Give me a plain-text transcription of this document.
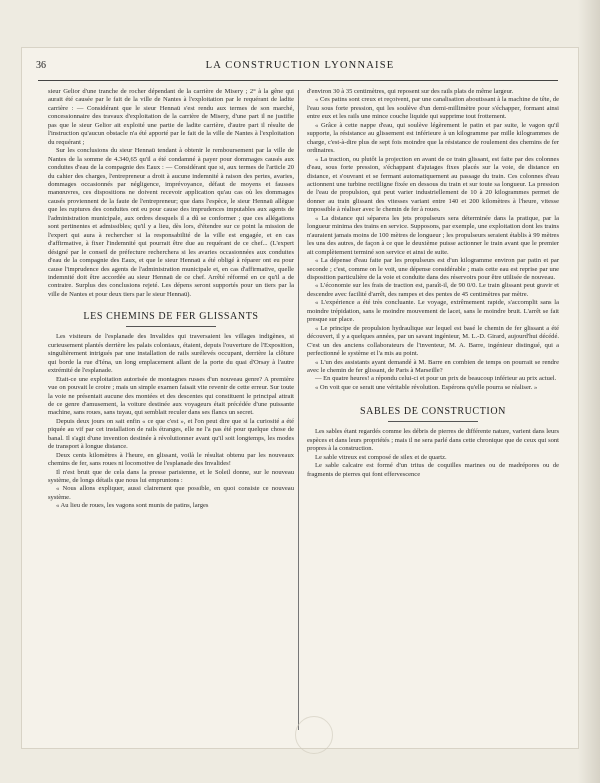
36	LA CONSTRUCTION LYONNAISE

sieur Gelior d'une tranche de rocher dépendant de la carrière de Misery ; 2° à la gêne qui aurait été causée par le fait de la ville de Nantes à l'exploitation par le requérant de ladite carrière : — Considérant que le sieur Hennaü s'est rendu aux termes de son marché, concessionnaire des travaux d'exploitation de la carrière de Misery, d'une part il ne justifie pas que le sieur Gelior ait exploité une partie de ladite carrière, d'autre part il résulte de l'instruction qu'aucun obstacle n'a été apporté par le fait de la ville de Nantes à l'exploitation du requérant ;

Sur les conclusions du sieur Hennaü tendant à obtenir le remboursement par la ville de Nantes de la somme de 4.340,65 qu'il a été condamné à payer pour dommages causés aux conduites d'eau de la compagnie des Eaux : — Considérant que si, aux termes de l'article 20 du cahier des charges, l'entrepreneur a droit à aucune indemnité à raison des pertes, avaries, dommages occasionnés par négligence, imprévoyance, défaut de moyens et fausses manœuvres, ces dispositions ne doivent recevoir application qu'au cas où les dommages causés proviennent de la faute de l'entrepreneur; que dans l'espèce, le sieur Hennaü allègue que les ruptures des conduites ont eu pour cause des imprudences imputables aux agents de l'administration municipale, aux ordres desquels il a dû se conformer ; que ces allégations sont pertinentes et admissibles; qu'il y a lieu, dès lors, d'étendre sur ce point la mission de l'expert qui aura à rechercher si la responsabilité de la ville est engagée, et en cas d'affirmative, à fixer l'indemnité qui pourrait être due au requérant de ce chef... (L'expert désigné par le conseil de préfecture recherchera si les avaries occasionnées aux conduites d'eau de la compagnie des Eaux, et que le sieur Hennaü a été obligé à réparer ont eu pour cause l'imprudence des agents de l'administration municipale et, en cas d'affirmative, quelle indemnité doit être accordée au sieur Hennaü de ce chef. Arrêté réformé en ce qu'il a de contraire. Surplus des conclusions rejeté. Les dépens seront supportés pour un tiers par la ville de Nantes et pour deux tiers par le sieur Hennaü).

LES CHEMINS DE FER GLISSANTS

Les visiteurs de l'esplanade des Invalides qui traversaient les villages indigènes, si curieusement plantés derrière les palais coloniaux, étaient, depuis l'ouverture de l'Exposition, singulièrement intrigués par une installation de rails surélevés occupant, derrière la clôture qui borde la rue d'Iéna, un long emplacement allant de la porte du quai d'Orsay à l'autre extrémité de l'esplanade.

Etait-ce une exploitation autorisée de montagnes russes d'un nouveau genre? A première vue on pouvait le croire ; mais un simple examen faisait vite revenir de cette erreur. Sur toute la voie ne présentait aucune des montées et des descentes qui constituent le principal attrait de ce genre d'amusement, la voiture destinée aux voyageurs était précédée d'une puissante machine, sans roues, sans tuyau, qui semblait reculer dans ses flancs un secret.

Depuis deux jours on sait enfin « ce que c'est », et l'on peut dire que si la curiosité a été piquée au vif par cet installation de rails étranges, elle ne l'a pas été pour quelque chose de banal. Il s'agit d'une invention destinée à révolutionner avant qu'il soit longtemps, les modes de transport à longue distance.

Deux cents kilomètres à l'heure, en glissant, voilà le résultat obtenu par les nouveaux chemins de fer, sans roues ni locomotive de l'esplanade des Invalides!

Il n'est bruit que de cela dans la presse parisienne, et le Soleil donne, sur le nouveau système, de longs détails que nous lui empruntons :

« Nous allons expliquer, aussi clairement que possible, en quoi consiste ce nouveau système.

« Au lieu de roues, les vagons sont munis de patins, larges

d'environ 30 à 35 centimètres, qui reposent sur des rails plats de même largeur.

« Ces patins sont creux et reçoivent, par une canalisation aboutissant à la machine de tête, de l'eau sous forte pression, qui les soulève d'un demi-millimètre pour s'échapper, formant ainsi entre eux et les rails une mince couche liquide qui supprime tout frottement.

« Grâce à cette nappe d'eau, qui soulève légèrement le patin et par suite, le vagon qu'il supporte, la résistance au glissement est inférieure à un kilogramme par mille kilogrammes de charge, c'est-à-dire plus de sept fois moindre que la résistance de roulement des chemins de fer ordinaires.

« La traction, ou plutôt la projection en avant de ce train glissant, est faite par des colonnes d'eau, sous forte pression, s'échappant d'ajutages fixes placés sur la voie, de distance en distance, et s'ouvrant et se fermant automatiquement au passage du train. Ces colonnes d'eau actionnent une turbine rectiligne fixée en dessous du train et sur toute sa longueur. La pression de l'eau de propulsion, qui peut varier industriellement de 10 à 20 kilogrammes permet de donner au train glissant des vitesses variant entre 140 et 200 kilomètres à l'heure, vitesse impossible à réaliser avec le chemin de fer à roues.

« La distance qui séparera les jets propulseurs sera déterminée dans la pratique, par la longueur minima des trains en service. Supposons, par exemple, une exploitation dont les trains n'auraient jamais moins de 100 mètres de longueur ; les propulseurs seraient établis à 99 mètres les uns des autres, de façon à ce que le deuxième puisse actionner le train avant que le premier ait complètement terminé son service et ainsi de suite.

« La dépense d'eau faite par les propulseurs est d'un kilogramme environ par patin et par seconde ; c'est, comme on le voit, une dépense considérable ; mais cette eau est reprise par une disposition particulière de la voie et conduite dans des réservoirs pour être utilisée de nouveau.

« L'économie sur les frais de traction est, paraît-il, de 90 0/0. Le train glissant peut gravir et descendre avec facilité d'arrêt, des rampes et des pentes de 45 centimètres par mètre.

« L'expérience a été très concluante. Le voyage, extrêmement rapide, s'accomplit sans la moindre trépidation, sans le moindre mouvement de lacet, sans le moindre bruit. L'arrêt se fait presque sur place.

« Le principe de propulsion hydraulique sur lequel est basé le chemin de fer glissant a été découvert, il y a quelques années, par un savant ingénieur, M. L.-D. Girard, aujourd'hui décédé. C'est un des anciens collaborateurs de l'inventeur, M. A. Barre, ingénieur distingué, qui a perfectionné le système et l'a mis au point.

« L'un des assistants ayant demandé à M. Barre en combien de temps on pourrait se rendre avec le chemin de fer glissant, de Paris à Marseille?

— En quatre heures! a répondu celui-ci et pour un prix de beaucoup inférieur au prix actuel.

« On voit que ce serait une véritable révolution. Espérons qu'elle pourra se réaliser. »

SABLES DE CONSTRUCTION

Les sables étant regardés comme les débris de pierres de différente nature, varient dans leurs espèces et dans leurs propriétés ; mais il ne sera parlé dans cette chronique que de ceux qui sont propres à la construction.

Le sable vitreux est composé de silex et de quartz.

Le sable calcaire est formé d'un tritus de coquilles marines ou de madrépores ou de fragments de pierres qui font effervescence
